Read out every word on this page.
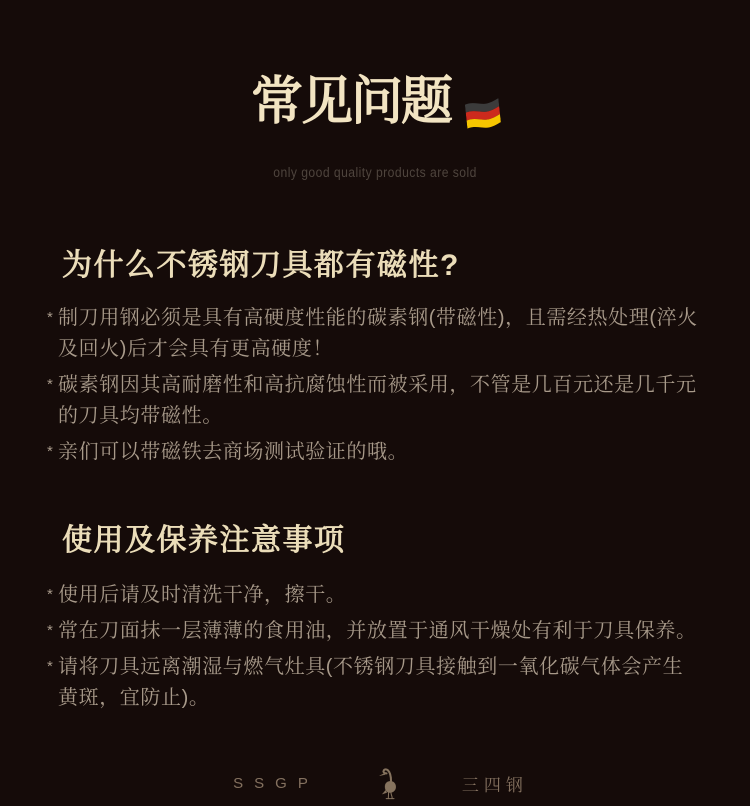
常见问题
only good quality products are sold
为什么不锈钢刀具都有磁性?
* 制刀用钢必须是具有高硬度性能的碳素钢(带磁性)，且需经热处理(淬火及回火)后才会具有更高硬度！
* 碳素钢因其高耐磨性和高抗腐蚀性而被采用，不管是几百元还是几千元的刀具均带磁性。
* 亲们可以带磁铁去商场测试验证的哦。
使用及保养注意事项
* 使用后请及时清洗干净，擦干。
* 常在刀面抹一层薄薄的食用油，并放置于通风干燥处有利于刀具保养。
* 请将刀具远离潮湿与燃气灶具(不锈钢刀具接触到一氧化碳气体会产生黄斑，宜防止)。
SSGP	三四钢
